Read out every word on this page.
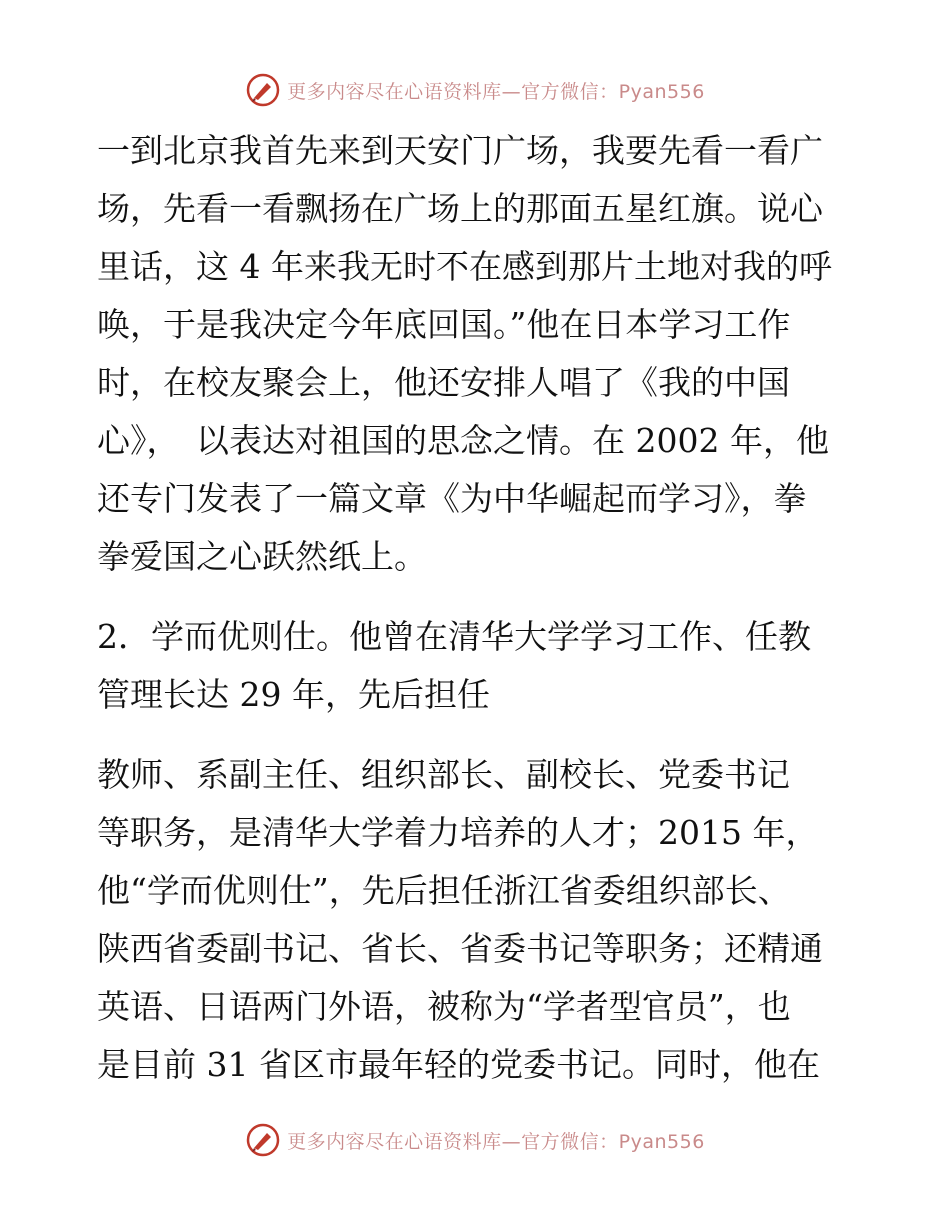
更多内容尽在心语资料库—官方微信：Pyan556
一到北京我首先来到天安门广场，我要先看一看广
场，先看一看飘扬在广场上的那面五星红旗。说心
里话，这 4 年来我无时不在感到那片土地对我的呼
唤，于是我决定今年底回国。”他在日本学习工作
时，在校友聚会上，他还安排人唱了《我的中国
心》，　以表达对祖国的思念之情。在 2002 年，他
还专门发表了一篇文章《为中华崛起而学习》，拳
拳爱国之心跃然纸上。
2．学而优则仕。他曾在清华大学学习工作、任教
管理长达 29 年，先后担任
教师、系副主任、组织部长、副校长、党委书记
等职务，是清华大学着力培养的人才；2015 年，
他“学而优则仕”，先后担任浙江省委组织部长、
陕西省委副书记、省长、省委书记等职务；还精通
英语、日语两门外语，被称为“学者型官员”，也
是目前 31 省区市最年轻的党委书记。同时，他在
更多内容尽在心语资料库—官方微信：Pyan556
